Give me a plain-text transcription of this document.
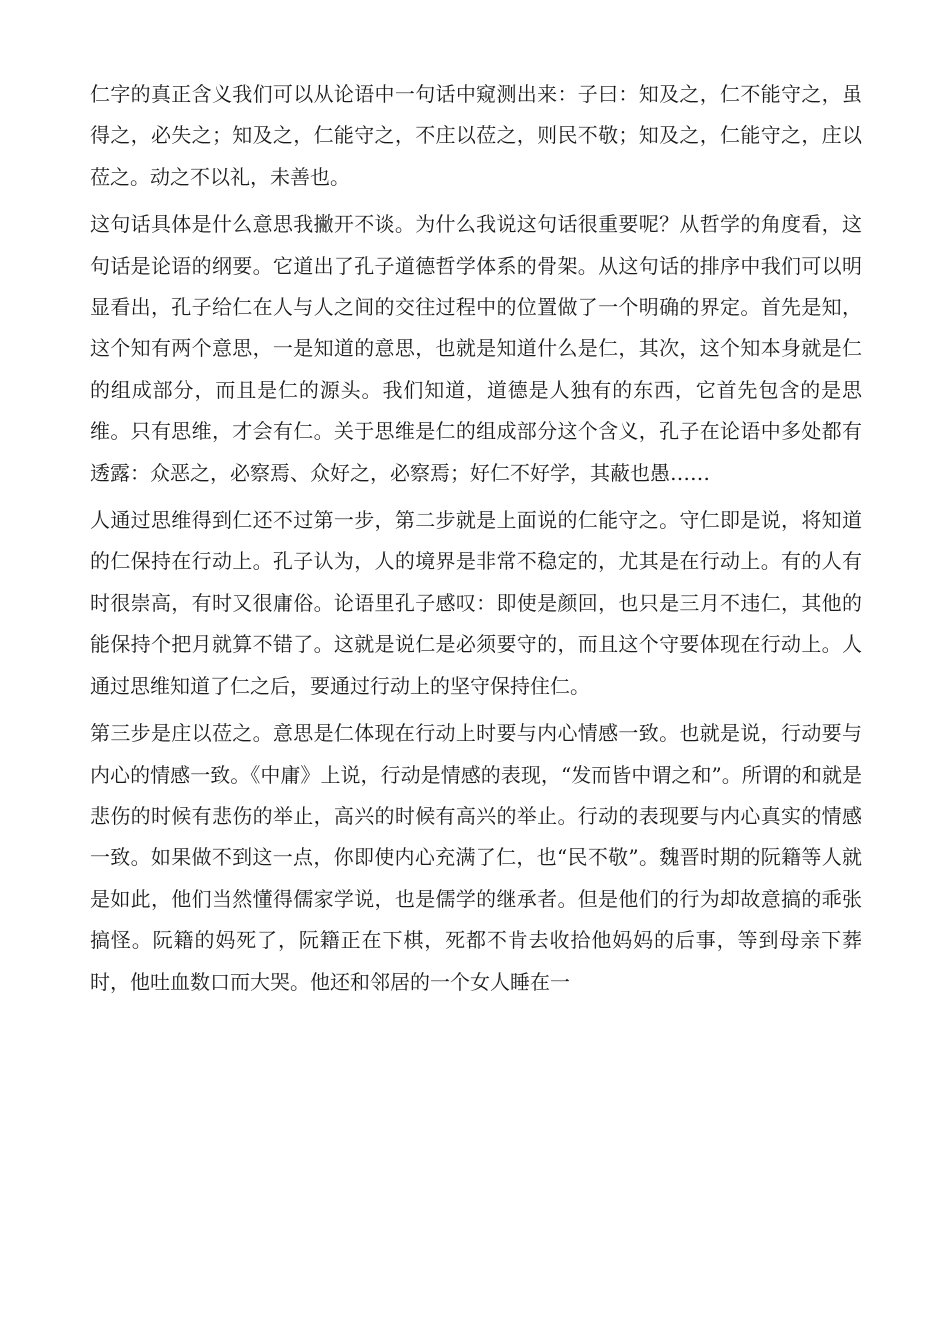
仁字的真正含义我们可以从论语中一句话中窥测出来：子曰：知及之，仁不能守之，虽得之，必失之；知及之，仁能守之，不庄以莅之，则民不敬；知及之，仁能守之，庄以莅之。动之不以礼，未善也。

这句话具体是什么意思我撇开不谈。为什么我说这句话很重要呢？从哲学的角度看，这句话是论语的纲要。它道出了孔子道德哲学体系的骨架。从这句话的排序中我们可以明显看出，孔子给仁在人与人之间的交往过程中的位置做了一个明确的界定。首先是知，这个知有两个意思，一是知道的意思，也就是知道什么是仁，其次，这个知本身就是仁的组成部分，而且是仁的源头。我们知道，道德是人独有的东西，它首先包含的是思维。只有思维，才会有仁。关于思维是仁的组成部分这个含义，孔子在论语中多处都有透露：众恶之，必察焉、众好之，必察焉；好仁不好学，其蔽也愚……

人通过思维得到仁还不过第一步，第二步就是上面说的仁能守之。守仁即是说，将知道的仁保持在行动上。孔子认为，人的境界是非常不稳定的，尤其是在行动上。有的人有时很崇高，有时又很庸俗。论语里孔子感叹：即使是颜回，也只是三月不违仁，其他的能保持个把月就算不错了。这就是说仁是必须要守的，而且这个守要体现在行动上。人通过思维知道了仁之后，要通过行动上的坚守保持住仁。

第三步是庄以莅之。意思是仁体现在行动上时要与内心情感一致。也就是说，行动要与内心的情感一致。《中庸》上说，行动是情感的表现，“发而皆中谓之和”。所谓的和就是悲伤的时候有悲伤的举止，高兴的时候有高兴的举止。行动的表现要与内心真实的情感一致。如果做不到这一点，你即使内心充满了仁，也“民不敬”。魏晋时期的阮籍等人就是如此，他们当然懂得儒家学说，也是儒学的继承者。但是他们的行为却故意搞的乖张搞怪。阮籍的妈死了，阮籍正在下棋，死都不肯去收拾他妈妈的后事，等到母亲下葬时，他吐血数口而大哭。他还和邻居的一个女人睡在一
